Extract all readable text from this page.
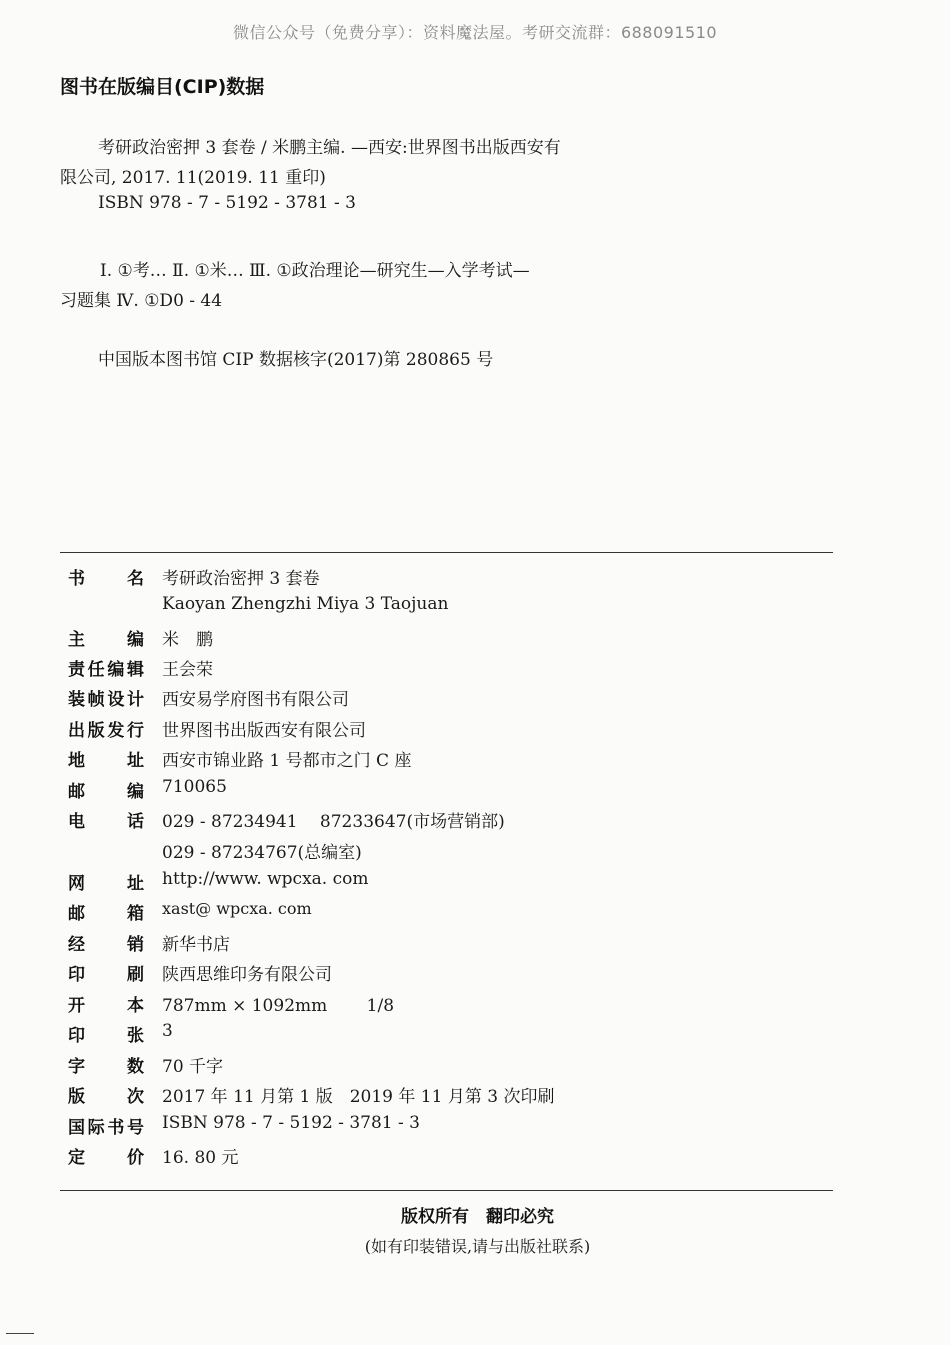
微信公众号（免费分享）：资料魔法屋。考研交流群：688091510
图书在版编目(CIP)数据
考研政治密押 3 套卷 / 米鹏主编. —西安:世界图书出版西安有
限公司, 2017. 11(2019. 11 重印)
ISBN 978 - 7 - 5192 - 3781 - 3
Ⅰ. ①考… Ⅱ. ①米… Ⅲ. ①政治理论—研究生—入学考试—
习题集 Ⅳ. ①D0 - 44
中国版本图书馆 CIP 数据核字(2017)第 280865 号
书　　名 考研政治密押 3 套卷
Kaoyan Zhengzhi Miya 3 Taojuan
主　　编 米　鹏
责任编辑 王会荣
装帧设计 西安易学府图书有限公司
出版发行 世界图书出版西安有限公司
地　　址 西安市锦业路 1 号都市之门 C 座
邮　　编 710065
电　　话 029 - 87234941　 87233647(市场营销部)
029 - 87234767(总编室)
网　　址 http://www. wpcxa. com
邮　　箱 xast@ wpcxa. com
经　　销 新华书店
印　　刷 陕西思维印务有限公司
开　　本 787mm × 1092mm　　 1/8
印　　张 3
字　　数 70 千字
版　　次 2017 年 11 月第 1 版　2019 年 11 月第 3 次印刷
国际书号 ISBN 978 - 7 - 5192 - 3781 - 3
定　　价 16. 80 元
版权所有　翻印必究
(如有印装错误,请与出版社联系)
